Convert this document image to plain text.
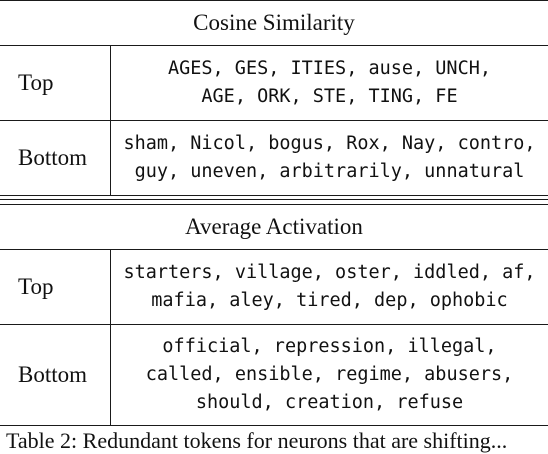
Cosine Similarity
Top
AGES, GES, ITIES, ause, UNCH,
AGE, ORK, STE, TING, FE
Bottom
sham, Nicol, bogus, Rox, Nay, contro,
guy, uneven, arbitrarily, unnatural
Average Activation
Top
starters, village, oster, iddled, af,
mafia, aley, tired, dep, ophobic
Bottom
official, repression, illegal,
called, ensible, regime, abusers,
should, creation, refuse
Table 2: Redundant tokens for neurons that are shifting...
